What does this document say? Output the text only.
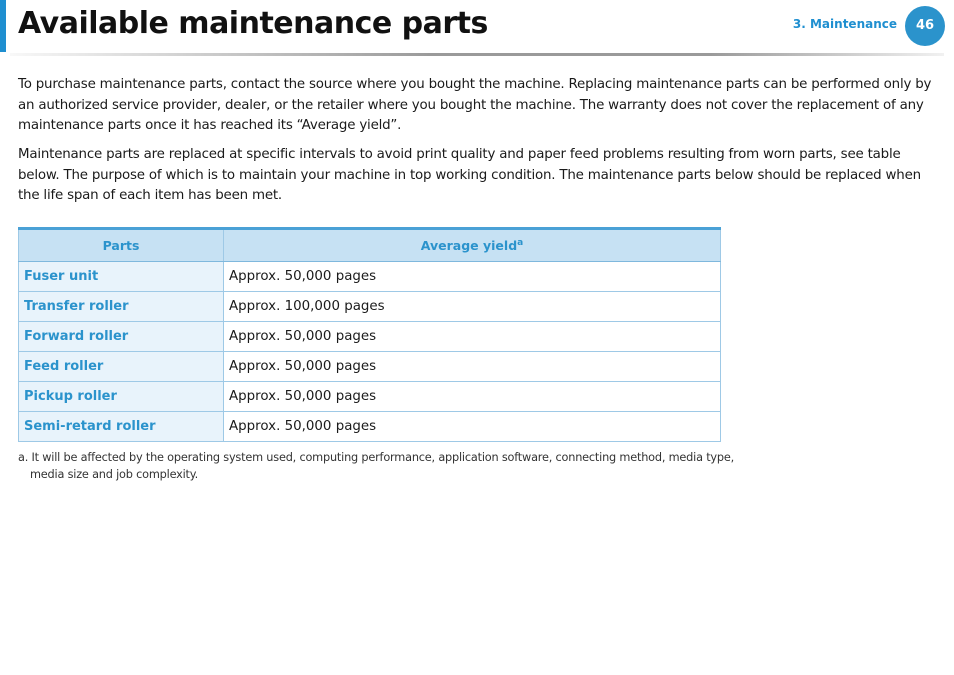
Available maintenance parts	3. Maintenance	46

To purchase maintenance parts, contact the source where you bought the machine. Replacing maintenance parts can be performed only by an authorized service provider, dealer, or the retailer where you bought the machine. The warranty does not cover the replacement of any maintenance parts once it has reached its “Average yield”.

Maintenance parts are replaced at specific intervals to avoid print quality and paper feed problems resulting from worn parts, see table below. The purpose of which is to maintain your machine in top working condition. The maintenance parts below should be replaced when the life span of each item has been met.

Parts	Average yield$^a$
Fuser unit	Approx. 50,000 pages
Transfer roller	Approx. 100,000 pages
Forward roller	Approx. 50,000 pages
Feed roller	Approx. 50,000 pages
Pickup roller	Approx. 50,000 pages
Semi-retard roller	Approx. 50,000 pages

a. It will be affected by the operating system used, computing performance, application software, connecting method, media type, media size and job complexity.
